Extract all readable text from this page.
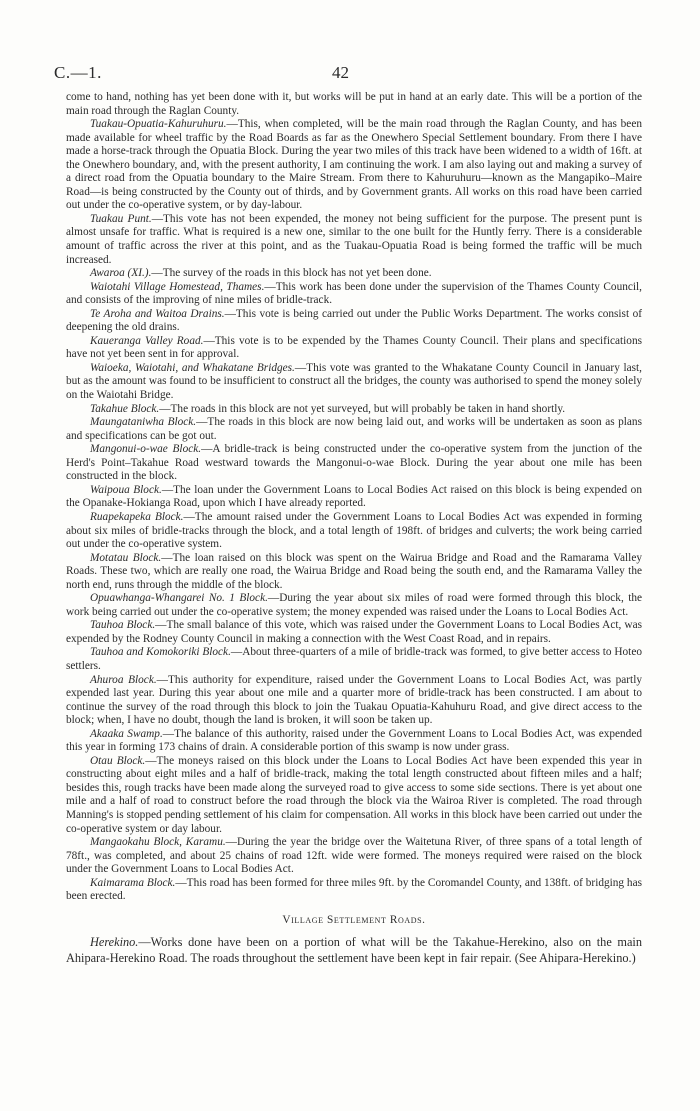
C.—1.	42

come to hand, nothing has yet been done with it, but works will be put in hand at an early date. This will be a portion of the main road through the Raglan County.

Tuakau-Opuatia-Kahuruhuru.—This, when completed, will be the main road through the Raglan County, and has been made available for wheel traffic by the Road Boards as far as the Onewhero Special Settlement boundary. From there I have made a horse-track through the Opuatia Block. During the year two miles of this track have been widened to a width of 16ft. at the Onewhero boundary, and, with the present authority, I am continuing the work. I am also laying out and making a survey of a direct road from the Opuatia boundary to the Maire Stream. From there to Kahuruhuru—known as the Mangapiko–Maire Road—is being constructed by the County out of thirds, and by Government grants. All works on this road have been carried out under the co-operative system, or by day-labour.

Tuakau Punt.—This vote has not been expended, the money not being sufficient for the purpose. The present punt is almost unsafe for traffic. What is required is a new one, similar to the one built for the Huntly ferry. There is a considerable amount of traffic across the river at this point, and as the Tuakau-Opuatia Road is being formed the traffic will be much increased.

Awaroa (XI.).—The survey of the roads in this block has not yet been done.

Waiotahi Village Homestead, Thames.—This work has been done under the supervision of the Thames County Council, and consists of the improving of nine miles of bridle-track.

Te Aroha and Waitoa Drains.—This vote is being carried out under the Public Works Department. The works consist of deepening the old drains.

Kaueranga Valley Road.—This vote is to be expended by the Thames County Council. Their plans and specifications have not yet been sent in for approval.

Waioeka, Waiotahi, and Whakatane Bridges.—This vote was granted to the Whakatane County Council in January last, but as the amount was found to be insufficient to construct all the bridges, the county was authorised to spend the money solely on the Waiotahi Bridge.

Takahue Block.—The roads in this block are not yet surveyed, but will probably be taken in hand shortly.

Maungataniwha Block.—The roads in this block are now being laid out, and works will be undertaken as soon as plans and specifications can be got out.

Mangonui-o-wae Block.—A bridle-track is being constructed under the co-operative system from the junction of the Herd's Point–Takahue Road westward towards the Mangonui-o-wae Block. During the year about one mile has been constructed in the block.

Waipoua Block.—The loan under the Government Loans to Local Bodies Act raised on this block is being expended on the Opanake-Hokianga Road, upon which I have already reported.

Ruapekapeka Block.—The amount raised under the Government Loans to Local Bodies Act was expended in forming about six miles of bridle-tracks through the block, and a total length of 198ft. of bridges and culverts; the work being carried out under the co-operative system.

Motatau Block.—The loan raised on this block was spent on the Wairua Bridge and Road and the Ramarama Valley Roads. These two, which are really one road, the Wairua Bridge and Road being the south end, and the Ramarama Valley the north end, runs through the middle of the block.

Opuawhanga-Whangarei No. 1 Block.—During the year about six miles of road were formed through this block, the work being carried out under the co-operative system; the money expended was raised under the Loans to Local Bodies Act.

Tauhoa Block.—The small balance of this vote, which was raised under the Government Loans to Local Bodies Act, was expended by the Rodney County Council in making a connection with the West Coast Road, and in repairs.

Tauhoa and Komokoriki Block.—About three-quarters of a mile of bridle-track was formed, to give better access to Hoteo settlers.

Ahuroa Block.—This authority for expenditure, raised under the Government Loans to Local Bodies Act, was partly expended last year. During this year about one mile and a quarter more of bridle-track has been constructed. I am about to continue the survey of the road through this block to join the Tuakau Opuatia-Kahuhuru Road, and give direct access to the block; when, I have no doubt, though the land is broken, it will soon be taken up.

Akaaka Swamp.—The balance of this authority, raised under the Government Loans to Local Bodies Act, was expended this year in forming 173 chains of drain. A considerable portion of this swamp is now under grass.

Otau Block.—The moneys raised on this block under the Loans to Local Bodies Act have been expended this year in constructing about eight miles and a half of bridle-track, making the total length constructed about fifteen miles and a half; besides this, rough tracks have been made along the surveyed road to give access to some side sections. There is yet about one mile and a half of road to construct before the road through the block via the Wairoa River is completed. The road through Manning's is stopped pending settlement of his claim for compensation. All works in this block have been carried out under the co-operative system or day labour.

Mangaokahu Block, Karamu.—During the year the bridge over the Waitetuna River, of three spans of a total length of 78ft., was completed, and about 25 chains of road 12ft. wide were formed. The moneys required were raised on the block under the Government Loans to Local Bodies Act.

Kaimarama Block.—This road has been formed for three miles 9ft. by the Coromandel County, and 138ft. of bridging has been erected.

Village Settlement Roads.

Herekino.—Works done have been on a portion of what will be the Takahue-Herekino, also on the main Ahipara-Herekino Road. The roads throughout the settlement have been kept in fair repair. (See Ahipara-Herekino.)
